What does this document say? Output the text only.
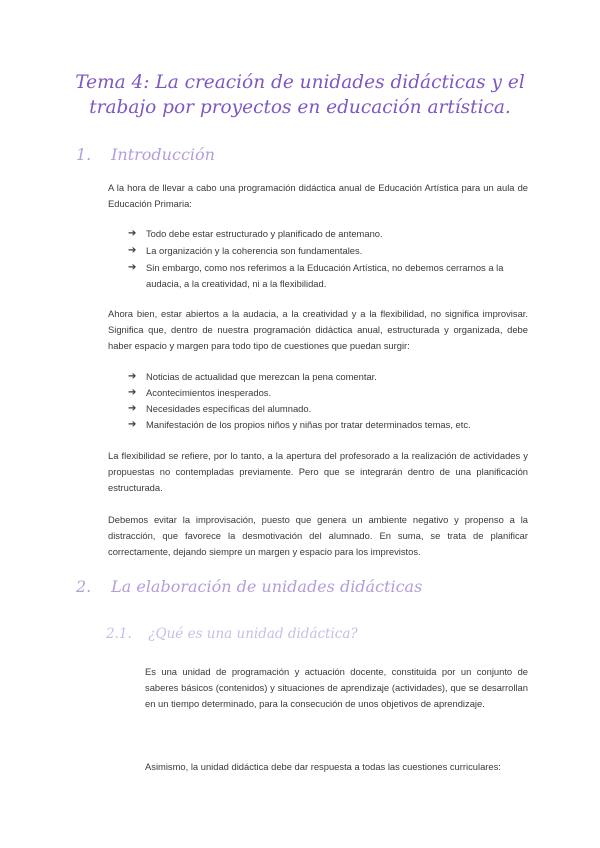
Tema 4: La creación de unidades didácticas y el trabajo por proyectos en educación artística.
1. Introducción
A la hora de llevar a cabo una programación didáctica anual de Educación Artística para un aula de Educación Primaria:
➔ Todo debe estar estructurado y planificado de antemano.
➔ La organización y la coherencia son fundamentales.
➔ Sin embargo, como nos referimos a la Educación Artística, no debemos cerrarnos a la audacia, a la creatividad, ni a la flexibilidad.
Ahora bien, estar abiertos a la audacia, a la creatividad y a la flexibilidad, no significa improvisar. Significa que, dentro de nuestra programación didáctica anual, estructurada y organizada, debe haber espacio y margen para todo tipo de cuestiones que puedan surgir:
➔ Noticias de actualidad que merezcan la pena comentar.
➔ Acontecimientos inesperados.
➔ Necesidades específicas del alumnado.
➔ Manifestación de los propios niños y niñas por tratar determinados temas, etc.
La flexibilidad se refiere, por lo tanto, a la apertura del profesorado a la realización de actividades y propuestas no contempladas previamente. Pero que se integrarán dentro de una planificación estructurada.
Debemos evitar la improvisación, puesto que genera un ambiente negativo y propenso a la distracción, que favorece la desmotivación del alumnado. En suma, se trata de planificar correctamente, dejando siempre un margen y espacio para los imprevistos.
2. La elaboración de unidades didácticas
2.1. ¿Qué es una unidad didáctica?
Es una unidad de programación y actuación docente, constituida por un conjunto de saberes básicos (contenidos) y situaciones de aprendizaje (actividades), que se desarrollan en un tiempo determinado, para la consecución de unos objetivos de aprendizaje.
Asimismo, la unidad didáctica debe dar respuesta a todas las cuestiones curriculares:
